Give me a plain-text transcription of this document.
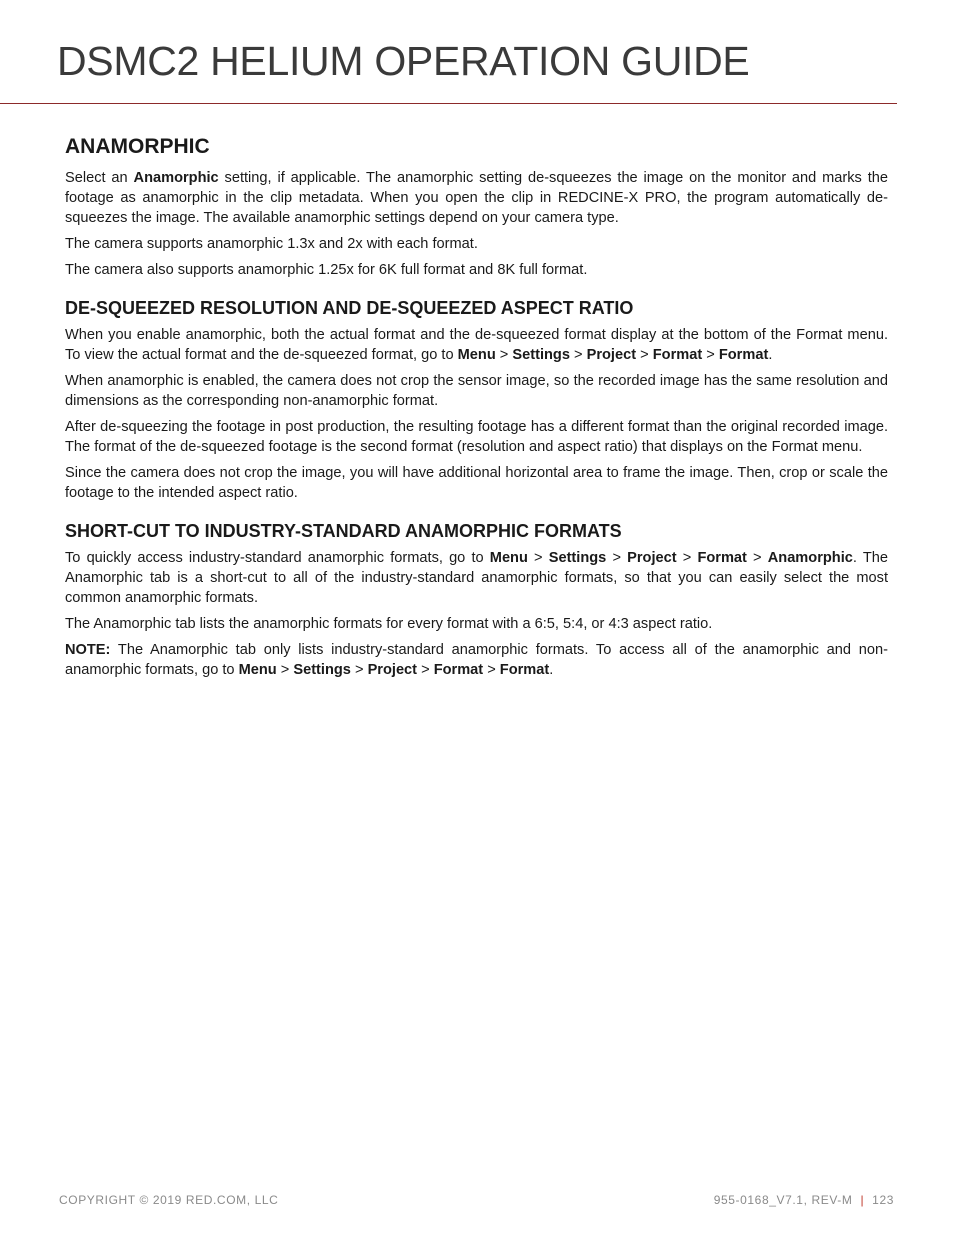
DSMC2 HELIUM OPERATION GUIDE
ANAMORPHIC

Select an Anamorphic setting, if applicable. The anamorphic setting de-squeezes the image on the monitor and marks the footage as anamorphic in the clip metadata. When you open the clip in REDCINE-X PRO, the program automatically de-squeezes the image. The available anamorphic settings depend on your camera type.

The camera supports anamorphic 1.3x and 2x with each format.

The camera also supports anamorphic 1.25x for 6K full format and 8K full format.

DE-SQUEEZED RESOLUTION AND DE-SQUEEZED ASPECT RATIO

When you enable anamorphic, both the actual format and the de-squeezed format display at the bottom of the Format menu. To view the actual format and the de-squeezed format, go to Menu > Settings > Project > Format > Format.

When anamorphic is enabled, the camera does not crop the sensor image, so the recorded image has the same resolution and dimensions as the corresponding non-anamorphic format.

After de-squeezing the footage in post production, the resulting footage has a different format than the original recorded image. The format of the de-squeezed footage is the second format (resolution and aspect ratio) that displays on the Format menu.

Since the camera does not crop the image, you will have additional horizontal area to frame the image. Then, crop or scale the footage to the intended aspect ratio.

SHORT-CUT TO INDUSTRY-STANDARD ANAMORPHIC FORMATS

To quickly access industry-standard anamorphic formats, go to Menu > Settings > Project > Format > Anamorphic. The Anamorphic tab is a short-cut to all of the industry-standard anamorphic formats, so that you can easily select the most common anamorphic formats.

The Anamorphic tab lists the anamorphic formats for every format with a 6:5, 5:4, or 4:3 aspect ratio.

NOTE: The Anamorphic tab only lists industry-standard anamorphic formats. To access all of the anamorphic and non-anamorphic formats, go to Menu > Settings > Project > Format > Format.

COPYRIGHT © 2019 RED.COM, LLC	955-0168_V7.1, REV-M | 123
